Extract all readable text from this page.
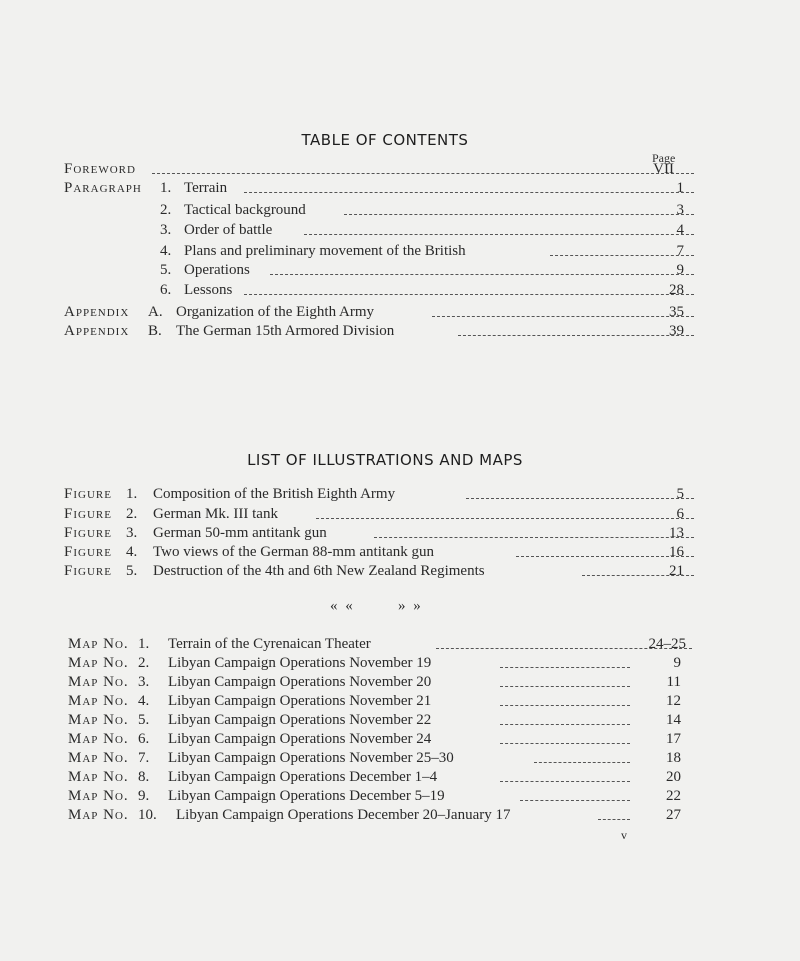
TABLE OF CONTENTS
Page
Foreword	VII
Paragraph 1. Terrain	1
2. Tactical background	3
3. Order of battle	4
4. Plans and preliminary movement of the British	7
5. Operations	9
6. Lessons	28
Appendix A. Organization of the Eighth Army	35
Appendix B. The German 15th Armored Division	39
LIST OF ILLUSTRATIONS AND MAPS
Figure 1. Composition of the British Eighth Army	5
Figure 2. German Mk. III tank	6
Figure 3. German 50-mm antitank gun	13
Figure 4. Two views of the German 88-mm antitank gun	16
Figure 5. Destruction of the 4th and 6th New Zealand Regiments	21
« «	» »
Map No. 1. Terrain of the Cyrenaican Theater	24–25
Map No. 2. Libyan Campaign Operations November 19	9
Map No. 3. Libyan Campaign Operations November 20	11
Map No. 4. Libyan Campaign Operations November 21	12
Map No. 5. Libyan Campaign Operations November 22	14
Map No. 6. Libyan Campaign Operations November 24	17
Map No. 7. Libyan Campaign Operations November 25–30	18
Map No. 8. Libyan Campaign Operations December 1–4	20
Map No. 9. Libyan Campaign Operations December 5–19	22
Map No. 10. Libyan Campaign Operations December 20–January 17	27
v
